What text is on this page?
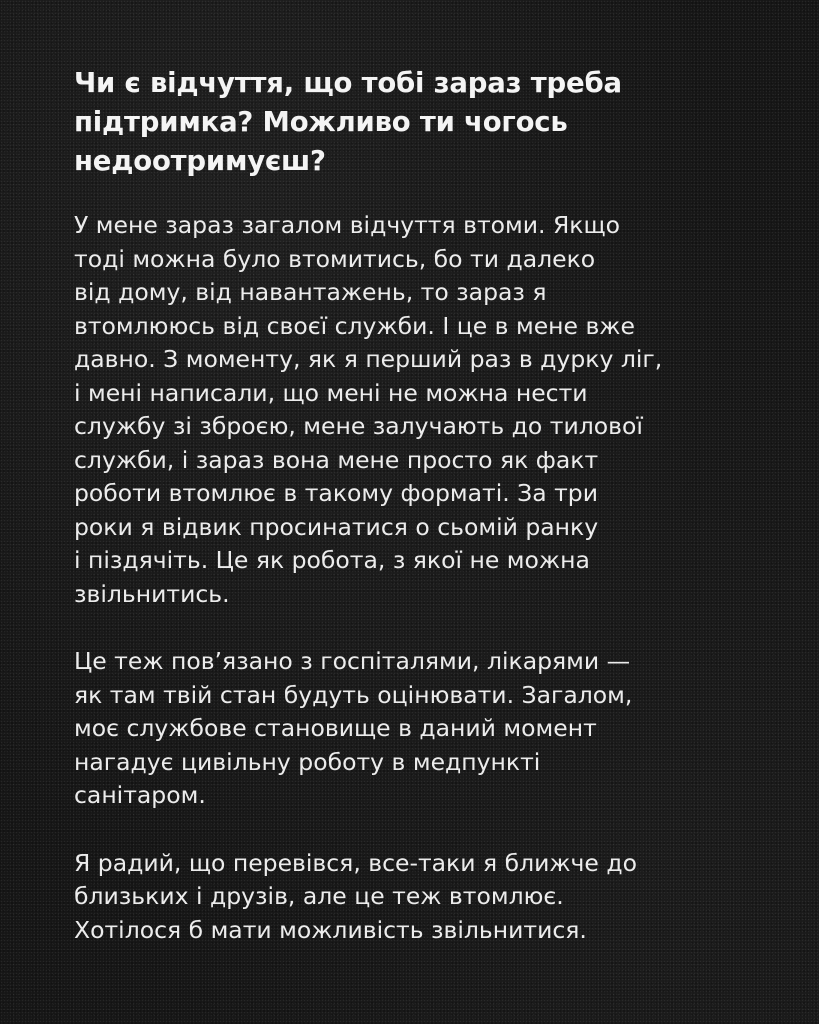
Чи є відчуття, що тобі зараз треба
підтримка? Можливо ти чогось
недоотримуєш?

У мене зараз загалом відчуття втоми. Якщо
тоді можна було втомитись, бо ти далеко
від дому, від навантажень, то зараз я
втомлююсь від своєї служби. І це в мене вже
давно. З моменту, як я перший раз в дурку ліг,
і мені написали, що мені не можна нести
службу зі зброєю, мене залучають до тилової
служби, і зараз вона мене просто як факт
роботи втомлює в такому форматі. За три
роки я відвик просинатися о сьомій ранку
і піздячіть. Це як робота, з якої не можна
звільнитись.

Це теж пов’язано з госпіталями, лікарями —
як там твій стан будуть оцінювати. Загалом,
моє службове становище в даний момент
нагадує цивільну роботу в медпункті
санітаром.

Я радий, що перевівся, все-таки я ближче до
близьких і друзів, але це теж втомлює.
Хотілося б мати можливість звільнитися.
